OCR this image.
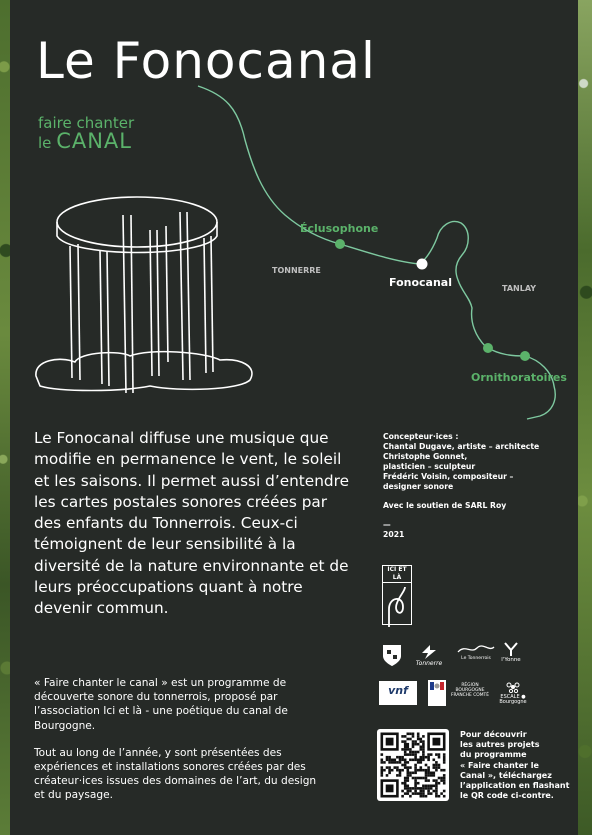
Le Fonocanal
faire chanter
le CANAL
Éclusophone
TONNERRE
Fonocanal	TANLAY
Ornithoratoires

Le Fonocanal diffuse une musique que modifie en permanence le vent, le soleil et les saisons. Il permet aussi d’entendre les cartes postales sonores créées par des enfants du Tonnerrois. Ceux-ci témoignent de leur sensibilité à la diversité de la nature environnante et de leurs préoccupations quant à notre devenir commun.

Concepteur·ices :

Chantal Dugave, artiste – architecte

Christophe Gonnet,

plasticien – sculpteur

Frédéric Voisin, compositeur –

designer sonore

Avec le soutien de SARL Roy

—

2021

« Faire chanter le canal » est un programme de découverte sonore du tonnerrois, proposé par l’association Ici et là - une poétique du canal de Bourgogne.

Tout au long de l’année, y sont présentées des expériences et installations sonores créées par des créateur·ices issues des domaines de l’art, du design et du paysage.

ICI ET LÀ
Tonnerre
Le Tonnerrois	l'Yonne
vnf	RÉGION BOURGOGNE FRANCHE COMTÉ	ESCALE ● Bourgogne
Pour découvrir
les autres projets
du programme
« Faire chanter le
Canal », téléchargez
l’application en flashant
le QR code ci-contre.
